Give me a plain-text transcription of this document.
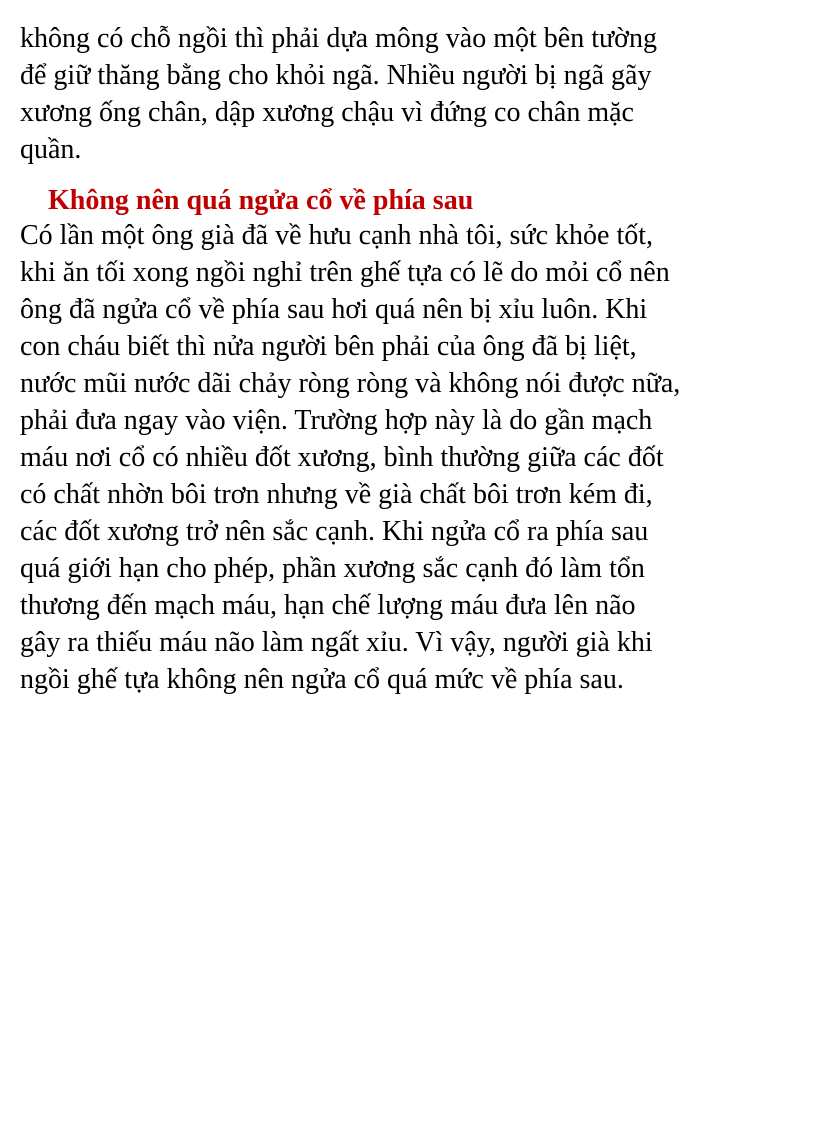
không có chỗ ngồi thì phải dựa mông vào một bên tường
để giữ thăng bằng cho khỏi ngã. Nhiều người bị ngã gãy
xương ống chân, dập xương chậu vì đứng co chân mặc
quần.

Không nên quá ngửa cổ về phía sau

Có lần một ông già đã về hưu cạnh nhà tôi, sức khỏe tốt,
khi ăn tối xong ngồi nghỉ trên ghế tựa có lẽ do mỏi cổ nên
ông đã ngửa cổ về phía sau hơi quá nên bị xỉu luôn. Khi
con cháu biết thì nửa người bên phải của ông đã bị liệt,
nước mũi nước dãi chảy ròng ròng và không nói được nữa,
phải đưa ngay vào viện. Trường hợp này là do gần mạch
máu nơi cổ có nhiều đốt xương, bình thường giữa các đốt
có chất nhờn bôi trơn nhưng về già chất bôi trơn kém đi,
các đốt xương trở nên sắc cạnh. Khi ngửa cổ ra phía sau
quá giới hạn cho phép, phần xương sắc cạnh đó làm tổn
thương đến mạch máu, hạn chế lượng máu đưa lên não
gây ra thiếu máu não làm ngất xỉu. Vì vậy, người già khi
ngồi ghế tựa không nên ngửa cổ quá mức về phía sau.
